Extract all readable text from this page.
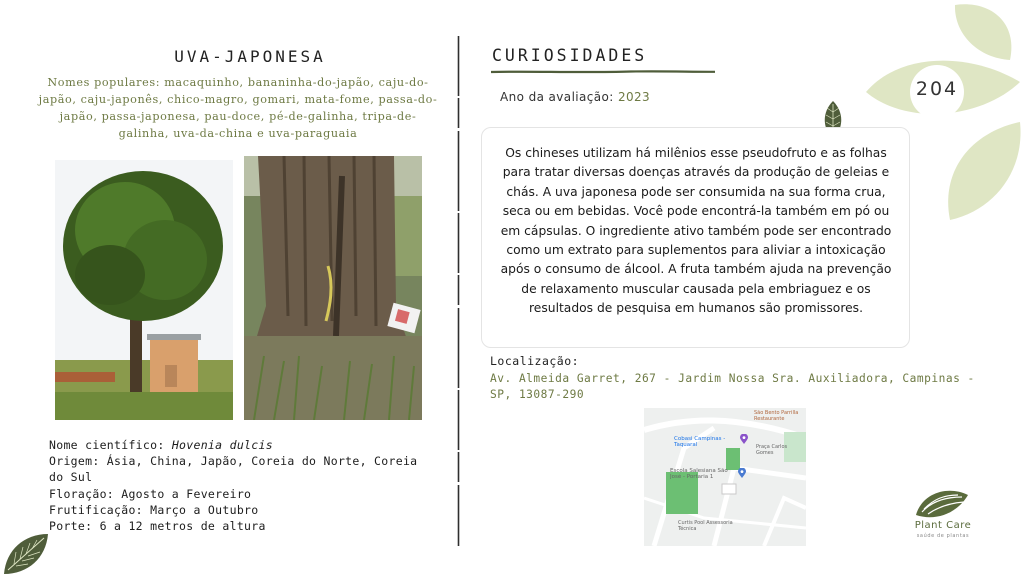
204
UVA-JAPONESA
Nomes populares: macaquinho, bananinha-do-japão, caju-do-japão, caju-japonês, chico-magro, gomari, mata-fome, passa-do-japão, passa-japonesa, pau-doce, pé-de-galinha, tripa-de-galinha, uva-da-china e uva-paraguaia
Nome científico: Hovenia dulcis
Origem: Ásia, China, Japão, Coreia do Norte, Coreia do Sul
Floração: Agosto a Fevereiro
Frutificação: Março a Outubro
Porte: 6 a 12 metros de altura
CURIOSIDADES
Ano da avaliação: 2023
Os chineses utilizam há milênios esse pseudofruto e as folhas para tratar diversas doenças através da produção de geleias e chás. A uva japonesa pode ser consumida na sua forma crua, seca ou em bebidas. Você pode encontrá-la também em pó ou em cápsulas. O ingrediente ativo também pode ser encontrado como um extrato para suplementos para aliviar a intoxicação após o consumo de álcool. A fruta também ajuda na prevenção de relaxamento muscular causada pela embriaguez e os resultados de pesquisa em humanos são promissores.
Localização:
Av. Almeida Garret, 267 - Jardim Nossa Sra. Auxiliadora, Campinas - SP, 13087-290
Cobasi Campinas - Taquaral
Escola Salesiana São José - Portaria 1
Praça Carlos Gomes
Curtis Pool Assessoria Técnica
São Bento Parrilla Restaurante
Plant Care
saúde de plantas
